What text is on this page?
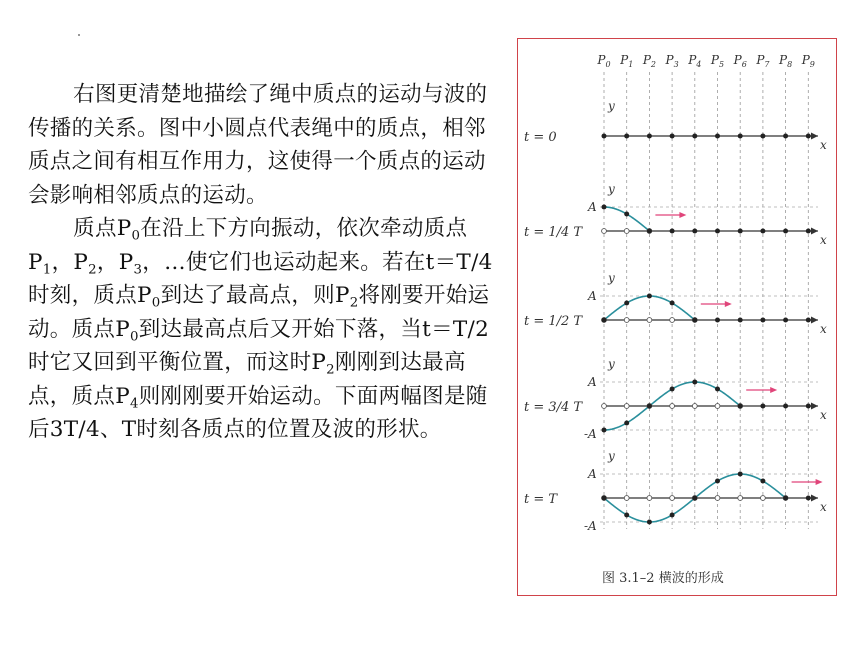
右图更清楚地描绘了绳中质点的运动与波的传播的关系。图中小圆点代表绳中的质点，相邻质点之间有相互作用力，这使得一个质点的运动会影响相邻质点的运动。

质点$P_0$在沿上下方向振动，依次牵动质点$P_1$，$P_2$，$P_3$，…使它们也运动起来。若在t＝T/4时刻，质点$P_0$到达了最高点，则$P_2$将刚要开始运动。质点$P_0$到达最高点后又开始下落，当t＝T/2时它又回到平衡位置，而这时$P_2$刚刚到达最高点，质点$P_4$则刚刚要开始运动。下面两幅图是随后3T/4、T时刻各质点的位置及波的形状。

$P_0$ $P_1$ $P_2$ $P_3$ $P_4$ $P_5$ $P_6$ $P_7$ $P_8$ $P_9$
t = 0
y
x
t = 1/4 T
y
x
A
t = 1/2 T
y
x
A
t = 3/4 T
y
x
A
-A
t = T
y
x
A
-A
图 3.1–2 横波的形成
